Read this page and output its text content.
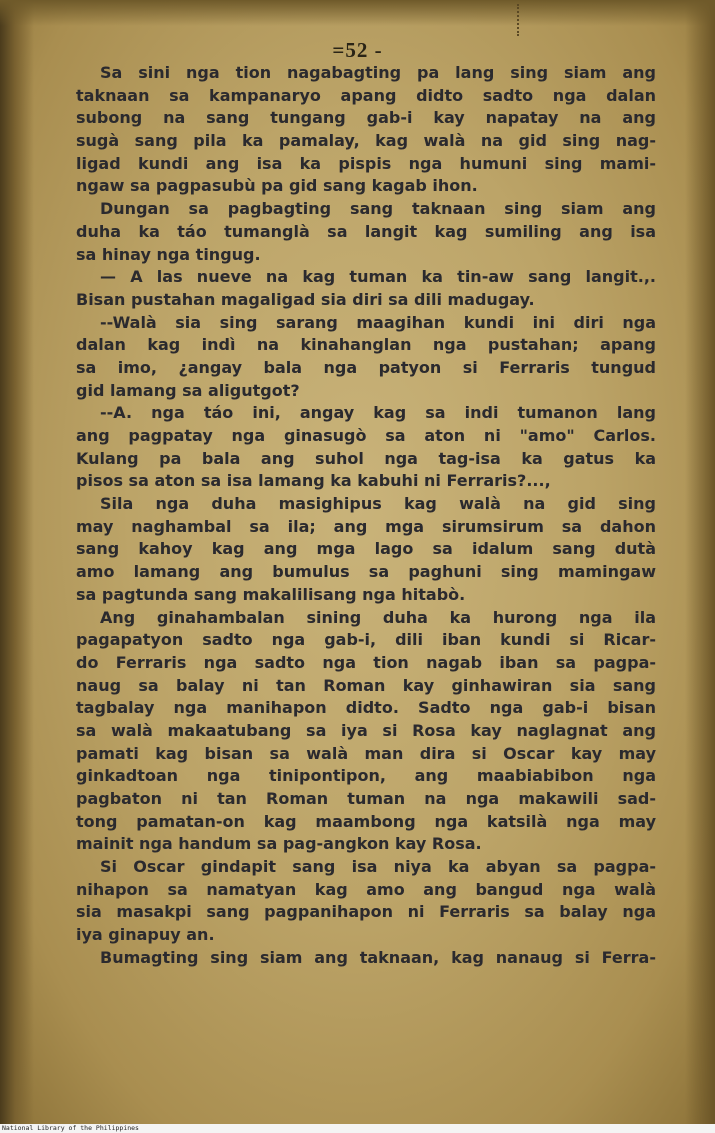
=52 -
Sa sini nga tion nagabagting pa lang sing siam ang
taknaan sa kampanaryo apang didto sadto nga dalan
subong na sang tungang gab-i kay napatay na ang
sugà sang pila ka pamalay, kag walà na gid sing nag-
ligad kundi ang isa ka pispis nga humuni sing mami-
ngaw sa pagpasubù pa gid sang kagab ihon.
Dungan sa pagbagting sang taknaan sing siam ang
duha ka táo tumanglà sa langit kag sumiling ang isa
sa hinay nga tingug.
— A las nueve na kag tuman ka tin-aw sang langit.,.
Bisan pustahan magaligad sia diri sa dili madugay.
--Walà sia sing sarang maagihan kundi ini diri nga
dalan kag indì na kinahanglan nga pustahan; apang
sa imo, ¿angay bala nga patyon si Ferraris tungud
gid lamang sa aligutgot?
--A. nga táo ini, angay kag sa indi tumanon lang
ang pagpatay nga ginasugò sa aton ni "amo" Carlos.
Kulang pa bala ang suhol nga tag-isa ka gatus ka
pisos sa aton sa isa lamang ka kabuhi ni Ferraris?...,
Sila nga duha masighipus kag walà na gid sing
may naghambal sa ila; ang mga sirumsirum sa dahon
sang kahoy kag ang mga lago sa idalum sang dutà
amo lamang ang bumulus sa paghuni sing mamingaw
sa pagtunda sang makalilisang nga hitabò.
Ang ginahambalan sining duha ka hurong nga ila
pagapatyon sadto nga gab-i, dili iban kundi si Ricar-
do Ferraris nga sadto nga tion nagab iban sa pagpa-
naug sa balay ni tan Roman kay ginhawiran sia sang
tagbalay nga manihapon didto. Sadto nga gab-i bisan
sa walà makaatubang sa iya si Rosa kay naglagnat ang
pamati kag bisan sa walà man dira si Oscar kay may
ginkadtoan nga tinipontipon, ang maabiabibon nga
pagbaton ni tan Roman tuman na nga makawili sad-
tong pamatan-on kag maambong nga katsilà nga may
mainit nga handum sa pag-angkon kay Rosa.
Si Oscar gindapit sang isa niya ka abyan sa pagpa-
nihapon sa namatyan kag amo ang bangud nga walà
sia masakpi sang pagpanihapon ni Ferraris sa balay nga
iya ginapuy an.
Bumagting sing siam ang taknaan, kag nanaug si Ferra-
National Library of the Philippines
